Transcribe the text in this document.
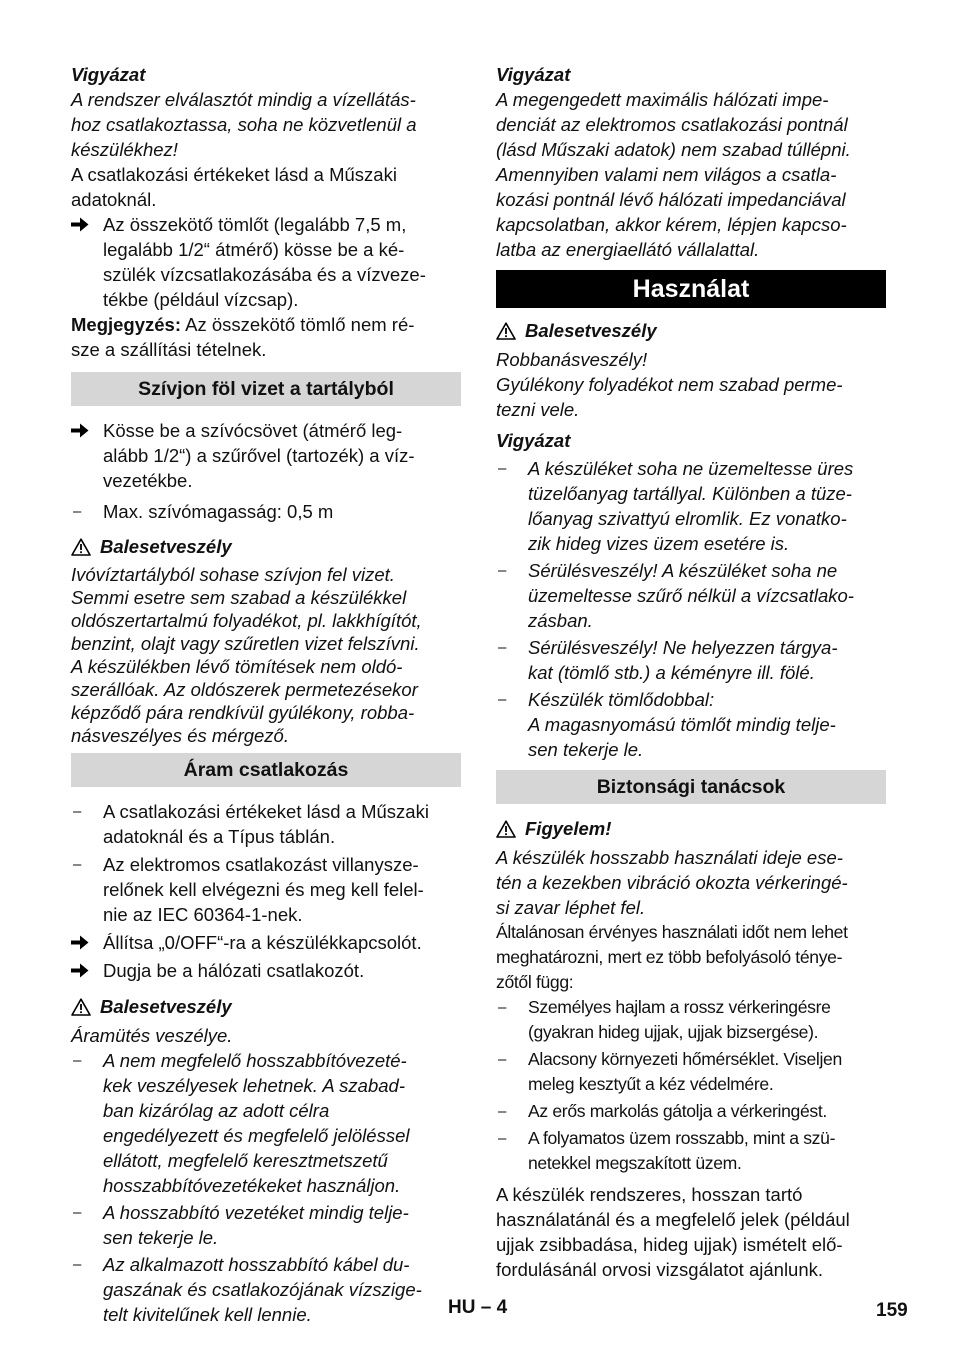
Vigyázat
A rendszer elválasztót mindig a vízellátás-
hoz csatlakoztassa, soha ne közvetlenül a
készülékhez!
A csatlakozási értékeket lásd a Műszaki
adatoknál.
Az összekötő tömlőt (legalább 7,5 m,
legalább 1/2“ átmérő) kösse be a ké-
szülék vízcsatlakozásába és a vízveze-
tékbe (például vízcsap).
Megjegyzés: Az összekötő tömlő nem ré-
sze a szállítási tételnek.
Szívjon föl vizet a tartályból
Kösse be a szívócsövet (átmérő leg-
alább 1/2“) a szűrővel (tartozék) a víz-
vezetékbe.
–	Max. szívómagasság: 0,5 m
Balesetveszély
Ivóvíztartályból sohase szívjon fel vizet.
Semmi esetre sem szabad a készülékkel
oldószertartalmú folyadékot, pl. lakkhígítót,
benzint, olajt vagy szűretlen vizet felszívni.
A készülékben lévő tömítések nem oldó-
szerállóak. Az oldószerek permetezésekor
képződő pára rendkívül gyúlékony, robba-
násveszélyes és mérgező.
Áram csatlakozás
–	A csatlakozási értékeket lásd a Műszaki
adatoknál és a Típus táblán.
–	Az elektromos csatlakozást villanysze-
relőnek kell elvégezni és meg kell felel-
nie az IEC 60364-1-nek.
Állítsa „0/OFF“-ra a készülékkapcsolót.
Dugja be a hálózati csatlakozót.
Balesetveszély
Áramütés veszélye.
–	A nem megfelelő hosszabbítóvezeté-
kek veszélyesek lehetnek. A szabad-
ban kizárólag az adott célra
engedélyezett és megfelelő jelöléssel
ellátott, megfelelő keresztmetszetű
hosszabbítóvezetékeket használjon.
–	A hosszabbító vezetéket mindig telje-
sen tekerje le.
–	Az alkalmazott hosszabbító kábel du-
gaszának és csatlakozójának vízszige-
telt kivitelűnek kell lennie.
Vigyázat
A megengedett maximális hálózati impe-
denciát az elektromos csatlakozási pontnál
(lásd Műszaki adatok) nem szabad túllépni.
Amennyiben valami nem világos a csatla-
kozási pontnál lévő hálózati impedanciával
kapcsolatban, akkor kérem, lépjen kapcso-
latba az energiaellátó vállalattal.
Használat
Balesetveszély
Robbanásveszély!
Gyúlékony folyadékot nem szabad perme-
tezni vele.
Vigyázat
–	A készüléket soha ne üzemeltesse üres
tüzelőanyag tartállyal. Különben a tüze-
lőanyag szivattyú elromlik. Ez vonatko-
zik hideg vizes üzem esetére is.
–	Sérülésveszély! A készüléket soha ne
üzemeltesse szűrő nélkül a vízcsatlako-
zásban.
–	Sérülésveszély! Ne helyezzen tárgya-
kat (tömlő stb.) a kéményre ill. fölé.
–	Készülék tömlődobbal:
A magasnyomású tömlőt mindig telje-
sen tekerje le.
Biztonsági tanácsok
Figyelem!
A készülék hosszabb használati ideje ese-
tén a kezekben vibráció okozta vérkeringé-
si zavar léphet fel.
Általánosan érvényes használati időt nem lehet
meghatározni, mert ez több befolyásoló ténye-
zőtől függ:
–	Személyes hajlam a rossz vérkeringésre
(gyakran hideg ujjak, ujjak bizsergése).
–	Alacsony környezeti hőmérséklet. Viseljen
meleg kesztyűt a kéz védelmére.
–	Az erős markolás gátolja a vérkeringést.
–	A folyamatos üzem rosszabb, mint a szü-
netekkel megszakított üzem.
A készülék rendszeres, hosszan tartó
használatánál és a megfelelő jelek (például
ujjak zsibbadása, hideg ujjak) ismételt elő-
fordulásánál orvosi vizsgálatot ajánlunk.
HU – 4	159
